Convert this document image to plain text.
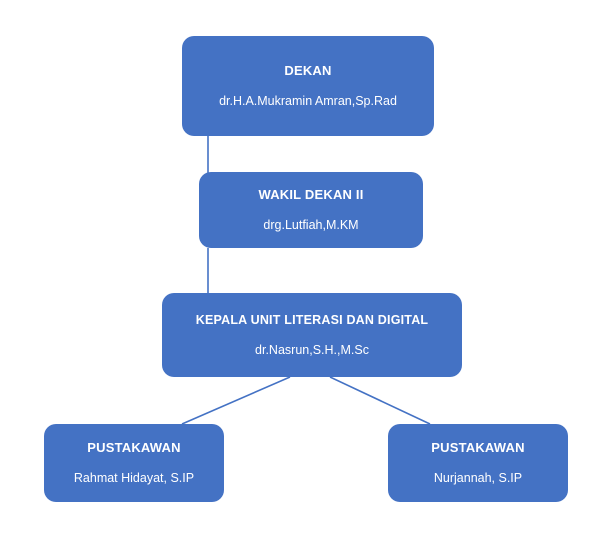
DEKAN
dr.H.A.Mukramin Amran,Sp.Rad
WAKIL DEKAN II
drg.Lutfiah,M.KM
KEPALA UNIT LITERASI DAN DIGITAL
dr.Nasrun,S.H.,M.Sc
PUSTAKAWAN
Rahmat Hidayat, S.IP
PUSTAKAWAN
Nurjannah, S.IP
